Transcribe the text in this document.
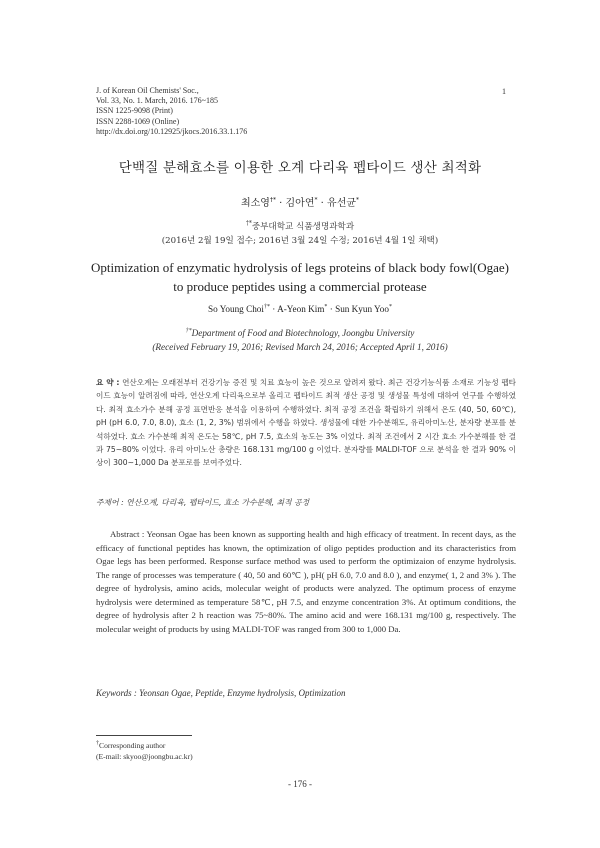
J. of Korean Oil Chemists' Soc.,
Vol. 33, No. 1. March, 2016. 176~185
ISSN 1225-9098 (Print)
ISSN 2288-1069 (Online)
http://dx.doi.org/10.12925/jkocs.2016.33.1.176
1
단백질 분해효소를 이용한 오계 다리육 펩타이드 생산 최적화
최소영†* · 김아연* · 유선균*
†*중부대학교 식품생명과학과
(2016년 2월 19일 접수; 2016년 3월 24일 수정; 2016년 4월 1일 채택)
Optimization of enzymatic hydrolysis of legs proteins of black body fowl(Ogae) to produce peptides using a commercial protease
So Young Choi†* · A-Yeon Kim* · Sun Kyun Yoo*
†*Department of Food and Biotechnology, Joongbu University
(Received February 19, 2016; Revised March 24, 2016; Accepted April 1, 2016)
요 약 : 연산오계는 오래전부터 건강기능 증진 및 치료 효능이 높은 것으로 알려져 왔다. 최근 건강기능식품 소재로 기능성 펩타이드 효능이 알려짐에 따라, 연산오계 다리육으로부 올리고 펩타이드 최적 생산 공정 및 생성물 특성에 대하여 연구를 수행하였다. 최적 효소가수 분해 공정 표면반응 분석을 이용하여 수행하였다. 최적 공정 조건을 확립하기 위해서 온도 (40, 50, 60℃), pH (pH 6.0, 7.0, 8.0), 효소 (1, 2, 3%) 범위에서 수행을 하였다. 생성물에 대한 가수분해도, 유리아미노산, 분자량 분포를 분석하였다. 효소 가수분해 최적 온도는 58℃, pH 7.5, 효소의 농도는 3% 이었다. 최적 조건에서 2 시간 효소 가수분해를 한 결과 75~80% 이었다. 유리 아미노산 총량은 168.131 mg/100 g 이었다. 분자량를 MALDI-TOF 으로 분석을 한 결과 90% 이상이 300~1,000 Da 분포로를 보여주었다.
주제어 : 연산오계, 다리육, 펩타이드, 효소 가수분해, 최적 공정
Abstract : Yeonsan Ogae has been known as supporting health and high efficacy of treatment. In recent days, as the efficacy of functional peptides has known, the optimization of oligo peptides production and its characteristics from Ogae legs has been performed. Response surface method was used to perform the optimizaion of enzyme hydrolysis. The range of processes was temperature ( 40, 50 and 60℃ ), pH( pH 6.0, 7.0 and 8.0 ), and enzyme( 1, 2 and 3% ). The degree of hydrolysis, amino acids, molecular weight of products were analyzed. The optimum process of enzyme hydrolysis were determined as temperature 58℃, pH 7.5, and enzyme concentration 3%. At optimum conditions, the degree of hydrolysis after 2 h reaction was 75~80%. The amino acid and were 168.131 mg/100 g, respectively. The molecular weight of products by using MALDI-TOF was ranged from 300 to 1,000 Da.
Keywords : Yeonsan Ogae, Peptide, Enzyme hydrolysis, Optimization
†Corresponding author
(E-mail: skyoo@joongbu.ac.kr)
- 176 -
